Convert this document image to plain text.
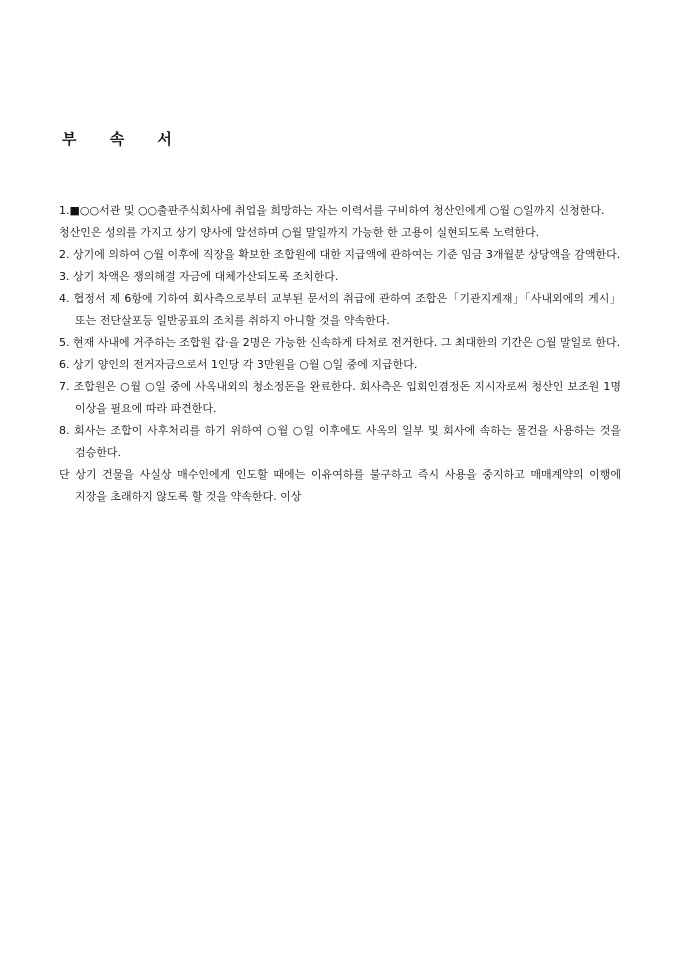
부 속 서
1.■○○서관 및 ○○출판주식회사에 취업을 희망하는 자는 이력서를 구비하여 청산인에게 ○월 ○일까지 신청한다.
청산인은 성의를 가지고 상기 양사에 알선하며 ○월 말일까지 가능한 한 고용이 실현되도록 노력한다.
2. 상기에 의하여 ○월 이후에 직장을 확보한 조합원에 대한 지급액에 관하여는 기준 임금 3개월분 상당액을 감액한다.
3. 상기 차액은 쟁의해결 자금에 대체가산되도록 조치한다.
4. 협정서 제 6항에 기하여 회사측으로부터 교부된 문서의 취급에 관하여 조합은「기관지게재」「사내외에의 게시」 또는 전단살포등 일반공표의 조치를 취하지 아니할 것을 약속한다.
5. 현재 사내에 거주하는 조합원 갑·을 2명은 가능한 신속하게 타처로 전거한다. 그 최대한의 기간은 ○월 말일로 한다.
6. 상기 양인의 전거자금으로서 1인당 각 3만원을 ○월 ○일 중에 지급한다.
7. 조합원은 ○월 ○일 중에 사옥내외의 청소정돈을 완료한다. 회사측은 입회인겸정돈 지시자로써 청산인 보조원 1명 이상을 필요에 따라 파견한다.
8. 회사는 조합이 사후처리를 하기 위하여 ○월 ○일 이후에도 사옥의 일부 및 회사에 속하는 물건을 사용하는 것을 검승한다.
단 상기 건물을 사실상 매수인에게 인도할 때에는 이유여하를 불구하고 즉시 사용을 중지하고 매매계약의 이행에 지장을 초래하지 않도록 할 것을 약속한다. 이상
